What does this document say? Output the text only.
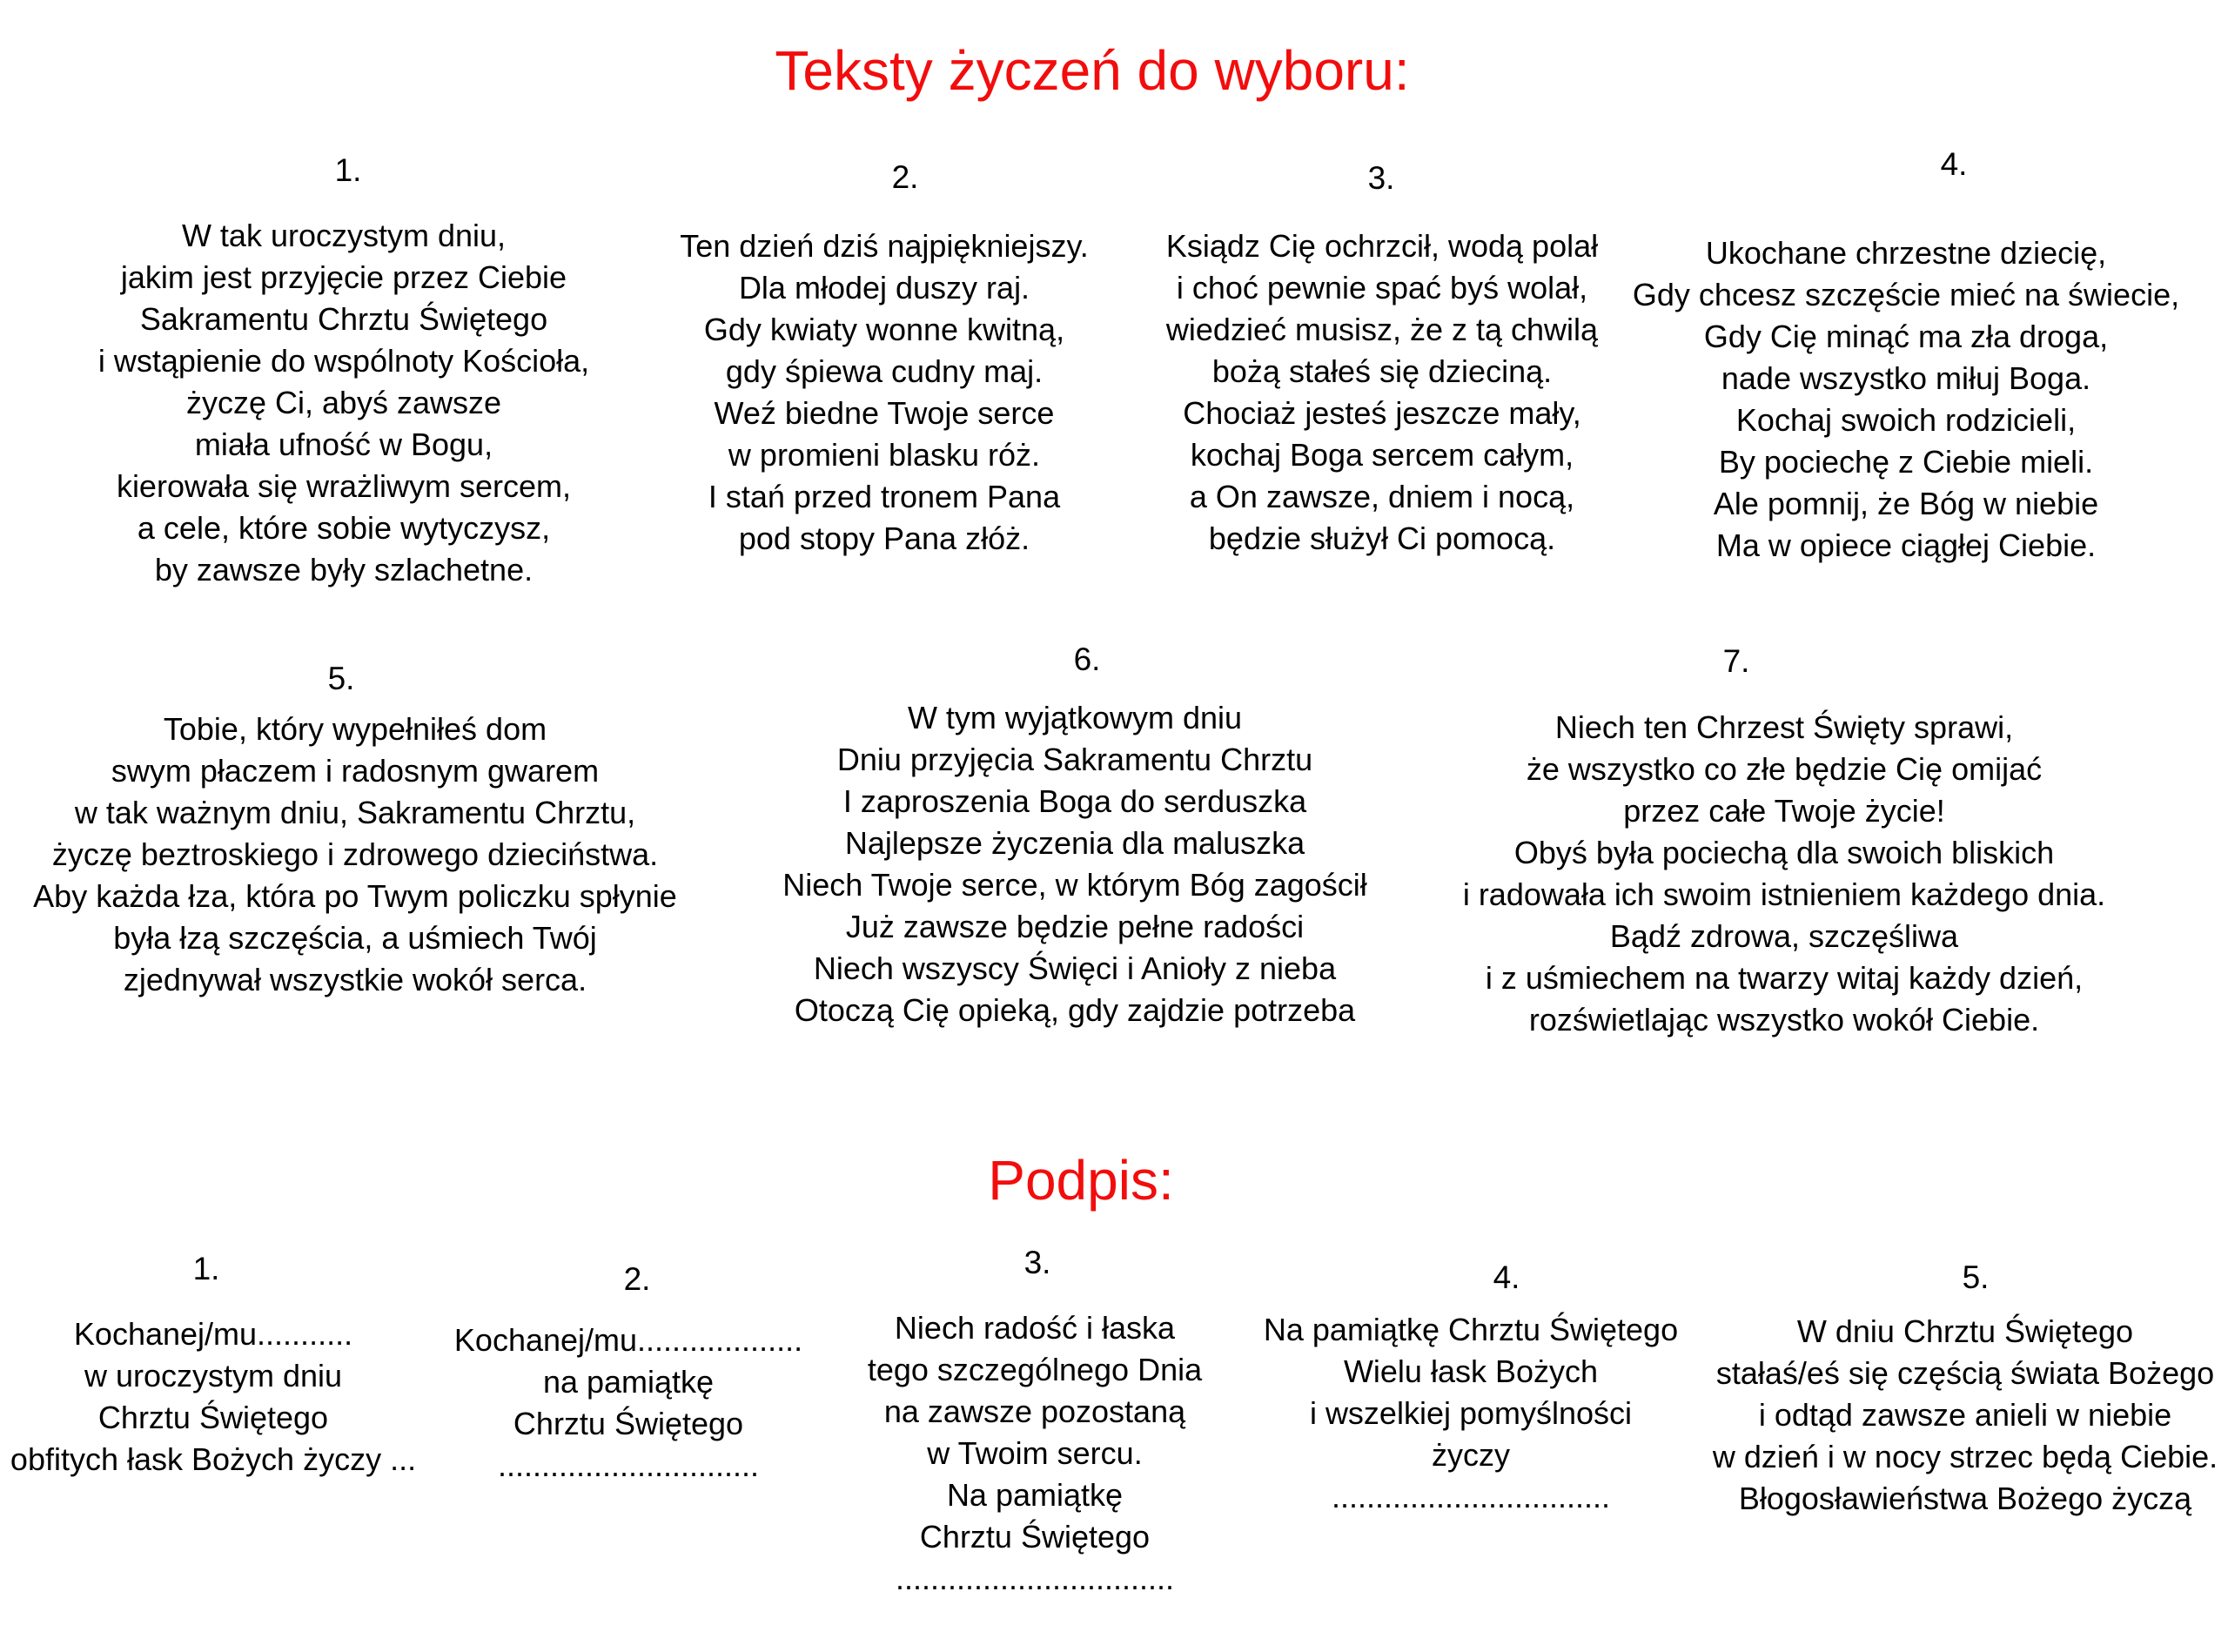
Teksty życzeń do wyboru:
1.	2.	3.	4.
W tak uroczystym dniu,
jakim jest przyjęcie przez Ciebie
Sakramentu Chrztu Świętego
i wstąpienie do wspólnoty Kościoła,
życzę Ci, abyś zawsze
miała ufność w Bogu,
kierowała się wrażliwym sercem,
a cele, które sobie wytyczysz,
by zawsze były szlachetne.
Ten dzień dziś najpiękniejszy.
Dla młodej duszy raj.
Gdy kwiaty wonne kwitną,
gdy śpiewa cudny maj.
Weź biedne Twoje serce
w promieni blasku róż.
I stań przed tronem Pana
pod stopy Pana złóż.
Ksiądz Cię ochrzcił, wodą polał
i choć pewnie spać byś wolał,
wiedzieć musisz, że z tą chwilą
bożą stałeś się dzieciną.
Chociaż jesteś jeszcze mały,
kochaj Boga sercem całym,
a On zawsze, dniem i nocą,
będzie służył Ci pomocą.
Ukochane chrzestne dziecię,
Gdy chcesz szczęście mieć na świecie,
Gdy Cię minąć ma zła droga,
nade wszystko miłuj Boga.
Kochaj swoich rodzicieli,
By pociechę z Ciebie mieli.
Ale pomnij, że Bóg w niebie
Ma w opiece ciągłej Ciebie.
5.
6.	7.
Tobie, który wypełniłeś dom
swym płaczem i radosnym gwarem
w tak ważnym dniu, Sakramentu Chrztu,
życzę beztroskiego i zdrowego dzieciństwa.
Aby każda łza, która po Twym policzku spłynie
była łzą szczęścia, a uśmiech Twój
zjednywał wszystkie wokół serca.
W tym wyjątkowym dniu
Dniu przyjęcia Sakramentu Chrztu
I zaproszenia Boga do serduszka
Najlepsze życzenia dla maluszka
Niech Twoje serce, w którym Bóg zagościł
Już zawsze będzie pełne radości
Niech wszyscy Święci i Anioły z nieba
Otoczą Cię opieką, gdy zajdzie potrzeba
Niech ten Chrzest Święty sprawi,
że wszystko co złe będzie Cię omijać
przez całe Twoje życie!
Obyś była pociechą dla swoich bliskich
i radowała ich swoim istnieniem każdego dnia.
Bądź zdrowa, szczęśliwa
i z uśmiechem na twarzy witaj każdy dzień,
rozświetlając wszystko wokół Ciebie.
Podpis:
1.	2.	3.	4.	5.
Kochanej/mu...........
w uroczystym dniu
Chrztu Świętego
obfitych łask Bożych życzy ...
Kochanej/mu...................
na pamiątkę
Chrztu Świętego
..............................
Niech radość i łaska
tego szczególnego Dnia
na zawsze pozostaną
w Twoim sercu.
Na pamiątkę
Chrztu Świętego
................................
Na pamiątkę Chrztu Świętego
Wielu łask Bożych
i wszelkiej pomyślności
życzy
................................
W dniu Chrztu Świętego
stałaś/eś się częścią świata Bożego
i odtąd zawsze anieli w niebie
w dzień i w nocy strzec będą Ciebie.
Błogosławieństwa Bożego życzą
